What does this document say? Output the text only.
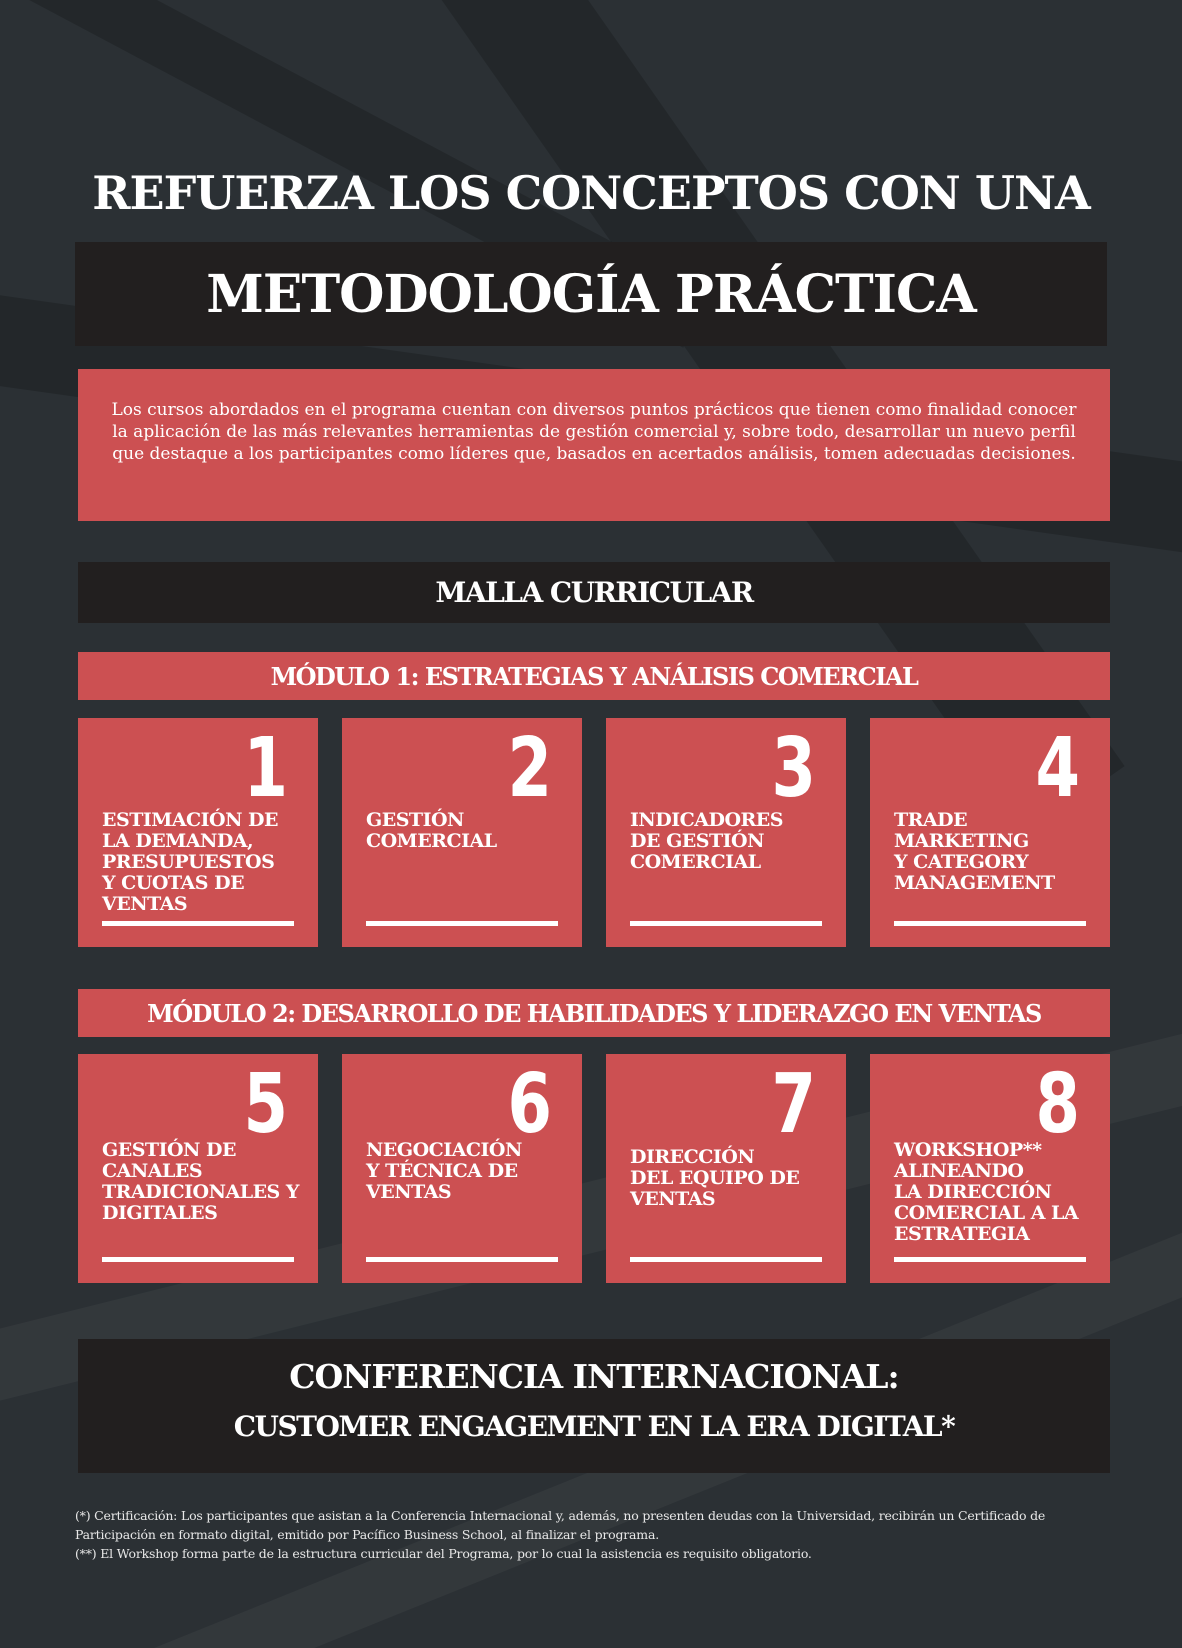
REFUERZA LOS CONCEPTOS CON UNA
METODOLOGÍA PRÁCTICA
Los cursos abordados en el programa cuentan con diversos puntos prácticos que tienen como finalidad conocer la aplicación de las más relevantes herramientas de gestión comercial y, sobre todo, desarrollar un nuevo perfil que destaque a los participantes como líderes que, basados en acertados análisis, tomen adecuadas decisiones.
MALLA CURRICULAR
MÓDULO 1: ESTRATEGIAS Y ANÁLISIS COMERCIAL
1
ESTIMACIÓN DE
LA DEMANDA,
PRESUPUESTOS
Y CUOTAS DE
VENTAS
2
GESTIÓN
COMERCIAL
3
INDICADORES
DE GESTIÓN
COMERCIAL
4
TRADE
MARKETING
Y CATEGORY
MANAGEMENT
MÓDULO 2: DESARROLLO DE HABILIDADES Y LIDERAZGO EN VENTAS
5
GESTIÓN DE
CANALES
TRADICIONALES Y
DIGITALES
6
NEGOCIACIÓN
Y TÉCNICA DE
VENTAS
7
DIRECCIÓN
DEL EQUIPO DE
VENTAS
8
WORKSHOP**
ALINEANDO
LA DIRECCIÓN
COMERCIAL A LA
ESTRATEGIA
CONFERENCIA INTERNACIONAL:
CUSTOMER ENGAGEMENT EN LA ERA DIGITAL*
(*) Certificación: Los participantes que asistan a la Conferencia Internacional y, además, no presenten deudas con la Universidad, recibirán un Certificado de Participación en formato digital, emitido por Pacífico Business School, al finalizar el programa.
(**) El Workshop forma parte de la estructura curricular del Programa, por lo cual la asistencia es requisito obligatorio.
